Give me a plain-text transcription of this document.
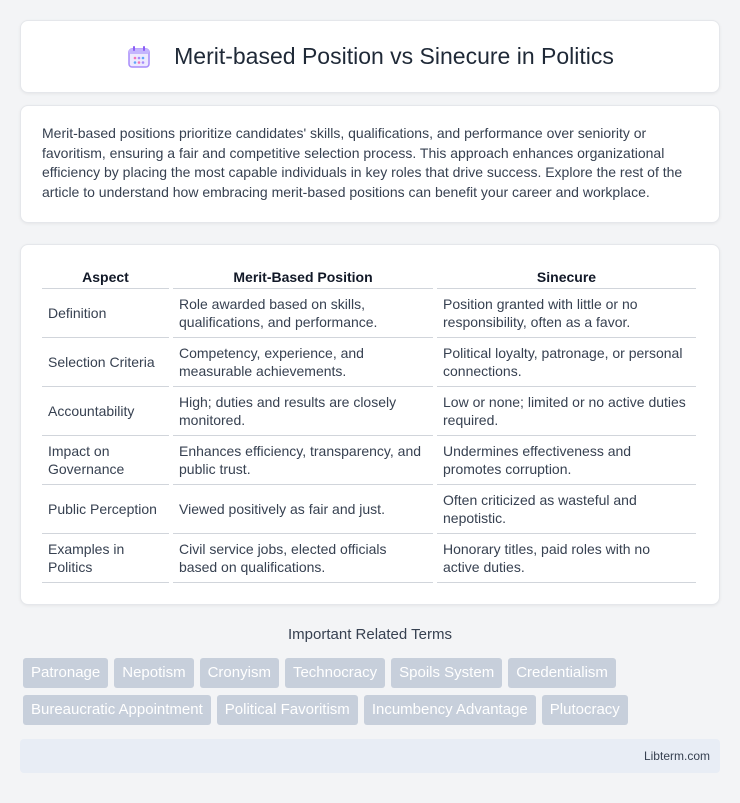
Merit-based Position vs Sinecure in Politics

Merit-based positions prioritize candidates' skills, qualifications, and performance over seniority or favoritism, ensuring a fair and competitive selection process. This approach enhances organizational efficiency by placing the most capable individuals in key roles that drive success. Explore the rest of the article to understand how embracing merit-based positions can benefit your career and workplace.

Aspect	Merit-Based Position	Sinecure
Definition	Role awarded based on skills, qualifications, and performance.	Position granted with little or no responsibility, often as a favor.
Selection Criteria	Competency, experience, and measurable achievements.	Political loyalty, patronage, or personal connections.
Accountability	High; duties and results are closely monitored.	Low or none; limited or no active duties required.
Impact on Governance	Enhances efficiency, transparency, and public trust.	Undermines effectiveness and promotes corruption.
Public Perception	Viewed positively as fair and just.	Often criticized as wasteful and nepotistic.
Examples in Politics	Civil service jobs, elected officials based on qualifications.	Honorary titles, paid roles with no active duties.
Important Related Terms
Patronage	Nepotism	Cronyism	Technocracy	Spoils System	Credentialism
Bureaucratic Appointment	Political Favoritism	Incumbency Advantage	Plutocracy
Libterm.com
